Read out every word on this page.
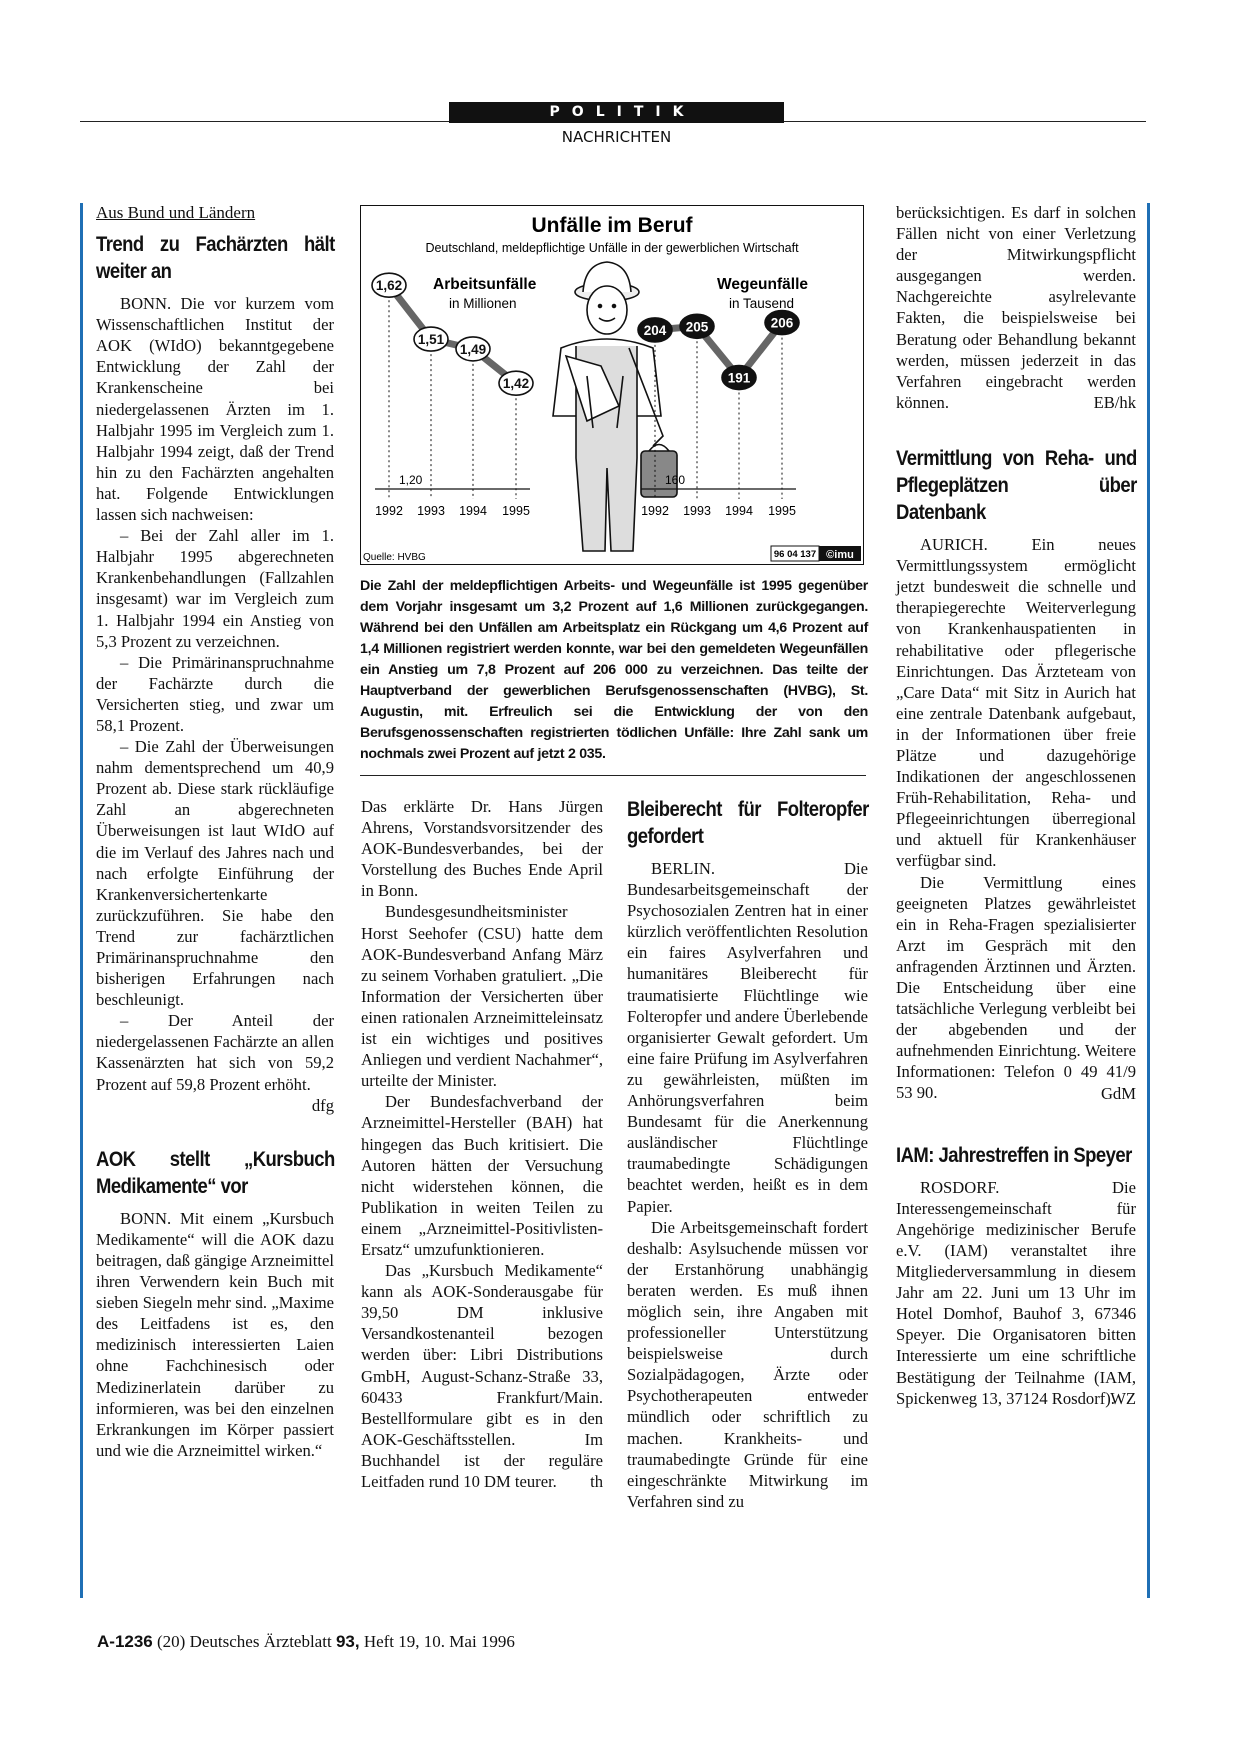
POLITIK
NACHRICHTEN
Aus Bund und Ländern
Trend zu Fachärzten hält weiter an

BONN. Die vor kurzem vom Wissenschaftlichen Institut der AOK (WIdO) bekanntgegebene Entwicklung der Zahl der Krankenscheine bei niedergelassenen Ärzten im 1. Halbjahr 1995 im Vergleich zum 1. Halbjahr 1994 zeigt, daß der Trend hin zu den Fachärzten angehalten hat. Folgende Entwicklungen lassen sich nachweisen:

– Bei der Zahl aller im 1. Halbjahr 1995 abgerechneten Krankenbehandlungen (Fallzahlen insgesamt) war im Vergleich zum 1. Halbjahr 1994 ein Anstieg von 5,3 Prozent zu verzeichnen.

– Die Primärinanspruchnahme der Fachärzte durch die Versicherten stieg, und zwar um 58,1 Prozent.

– Die Zahl der Überweisungen nahm dementsprechend um 40,9 Prozent ab. Diese stark rückläufige Zahl an abgerechneten Überweisungen ist laut WIdO auf die im Verlauf des Jahres nach und nach erfolgte Einführung der Krankenversichertenkarte zurückzuführen. Sie habe den Trend zur fachärztlichen Primärinanspruchnahme den bisherigen Erfahrungen nach beschleunigt.

– Der Anteil der niedergelassenen Fachärzte an allen Kassenärzten hat sich von 59,2 Prozent auf 59,8 Prozent erhöht.

dfg
AOK stellt „Kursbuch Medikamente“ vor

BONN. Mit einem „Kursbuch Medikamente“ will die AOK dazu beitragen, daß gängige Arzneimittel ihren Verwendern kein Buch mit sieben Siegeln mehr sind. „Maxime des Leitfadens ist es, den medizinisch interessierten Laien ohne Fachchinesisch oder Medizinerlatein darüber zu informieren, was bei den einzelnen Erkrankungen im Körper passiert und wie die Arzneimittel wirken.“

Unfälle im Beruf
Deutschland, meldepflichtige Unfälle in der gewerblichen Wirtschaft
Arbeitsunfälle
in Millionen
Wegeunfälle
in Tausend
1,20
1992 1993 1994 1995
1,62
1,51
1,49
1,42
160
1992 1993 1994 1995
204 205
191
206
Quelle: HVBG	96 04 137 ©imu
Die Zahl der meldepflichtigen Arbeits- und Wegeunfälle ist 1995 gegenüber dem Vorjahr insgesamt um 3,2 Prozent auf 1,6 Millionen zurückgegangen. Während bei den Unfällen am Arbeitsplatz ein Rückgang um 4,6 Prozent auf 1,4 Millionen registriert werden konnte, war bei den gemeldeten Wegeunfällen ein Anstieg um 7,8 Prozent auf 206 000 zu verzeichnen. Das teilte der Hauptverband der gewerblichen Berufsgenossenschaften (HVBG), St. Augustin, mit. Erfreulich sei die Entwicklung der von den Berufsgenossenschaften registrierten tödlichen Unfälle: Ihre Zahl sank um nochmals zwei Prozent auf jetzt 2 035.

Das erklärte Dr. Hans Jürgen Ahrens, Vorstandsvorsitzender des AOK-Bundesverbandes, bei der Vorstellung des Buches Ende April in Bonn.

Bundesgesundheitsminister Horst Seehofer (CSU) hatte dem AOK-Bundesverband Anfang März zu seinem Vorhaben gratuliert. „Die Information der Versicherten über einen rationalen Arzneimitteleinsatz ist ein wichtiges und positives Anliegen und verdient Nachahmer“, urteilte der Minister.

Der Bundesfachverband der Arzneimittel-Hersteller (BAH) hat hingegen das Buch kritisiert. Die Autoren hätten der Versuchung nicht widerstehen können, die Publikation in weiten Teilen zu einem „Arzneimittel-Positivlisten-Ersatz“ umzufunktionieren.

Das „Kursbuch Medikamente“ kann als AOK-Sonderausgabe für 39,50 DM inklusive Versandkostenanteil bezogen werden über: Libri Distributions GmbH, August-Schanz-Straße 33, 60433 Frankfurt/Main. Bestellformulare gibt es in den AOK-Geschäftsstellen. Im Buchhandel ist der reguläre Leitfaden rund 10 DM teurer.	th
Bleiberecht für Folteropfer gefordert

BERLIN. Die Bundesarbeitsgemeinschaft der Psychosozialen Zentren hat in einer kürzlich veröffentlichten Resolution ein faires Asylverfahren und humanitäres Bleiberecht für traumatisierte Flüchtlinge wie Folteropfer und andere Überlebende organisierter Gewalt gefordert. Um eine faire Prüfung im Asylverfahren zu gewährleisten, müßten im Anhörungsverfahren beim Bundesamt für die Anerkennung ausländischer Flüchtlinge traumabedingte Schädigungen beachtet werden, heißt es in dem Papier.

Die Arbeitsgemeinschaft fordert deshalb: Asylsuchende müssen vor der Erstanhörung unabhängig beraten werden. Es muß ihnen möglich sein, ihre Angaben mit professioneller Unterstützung beispielsweise durch Sozialpädagogen, Ärzte oder Psychotherapeuten entweder mündlich oder schriftlich zu machen. Krankheits- und traumabedingte Gründe für eine eingeschränkte Mitwirkung im Verfahren sind zu

berücksichtigen. Es darf in solchen Fällen nicht von einer Verletzung der Mitwirkungspflicht ausgegangen werden. Nachgereichte asylrelevante Fakten, die beispielsweise bei Beratung oder Behandlung bekannt werden, müssen jederzeit in das Verfahren eingebracht werden können.	EB/hk
Vermittlung von Reha- und Pflegeplätzen über Datenbank

AURICH. Ein neues Vermittlungssystem ermöglicht jetzt bundesweit die schnelle und therapiegerechte Weiterverlegung von Krankenhauspatienten in rehabilitative oder pflegerische Einrichtungen. Das Ärzteteam von „Care Data“ mit Sitz in Aurich hat eine zentrale Datenbank aufgebaut, in der Informationen über freie Plätze und dazugehörige Indikationen der angeschlossenen Früh-Rehabilitation, Reha- und Pflegeeinrichtungen überregional und aktuell für Krankenhäuser verfügbar sind.

Die Vermittlung eines geeigneten Platzes gewährleistet ein in Reha-Fragen spezialisierter Arzt im Gespräch mit den anfragenden Ärztinnen und Ärzten. Die Entscheidung über eine tatsächliche Verlegung verbleibt bei der abgebenden und der aufnehmenden Einrichtung. Weitere Informationen: Telefon 0 49 41/9 53 90.	GdM
IAM: Jahrestreffen in Speyer

ROSDORF. Die Interessengemeinschaft für Angehörige medizinischer Berufe e.V. (IAM) veranstaltet ihre Mitgliederversammlung in diesem Jahr am 22. Juni um 13 Uhr im Hotel Domhof, Bauhof 3, 67346 Speyer. Die Organisatoren bitten Interessierte um eine schriftliche Bestätigung der Teilnahme (IAM, Spickenweg 13, 37124 Rosdorf).

WZ
A-1236 (20) Deutsches Ärzteblatt 93, Heft 19, 10. Mai 1996
